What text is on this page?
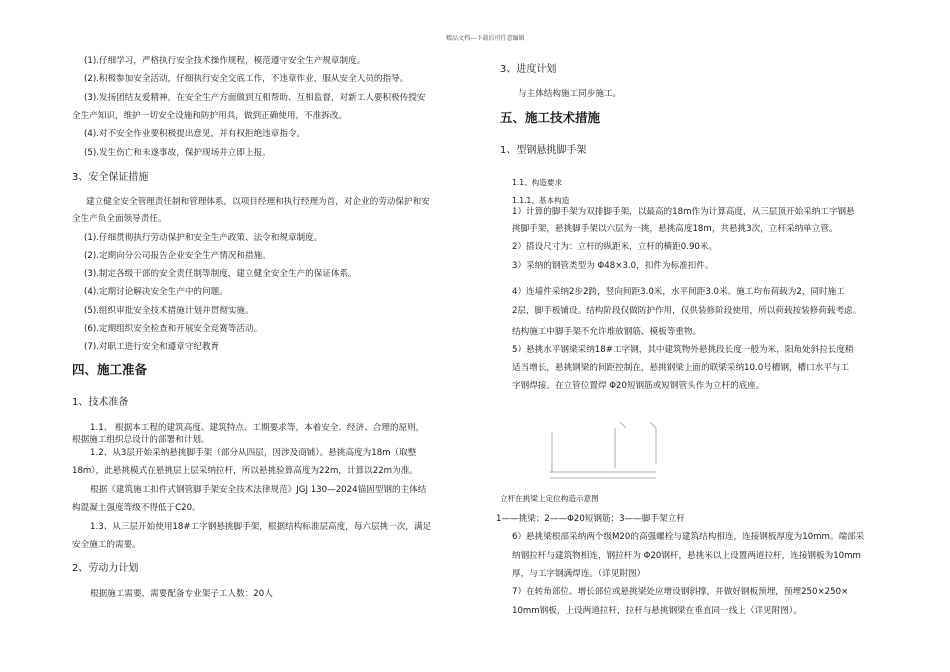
精品文档---下载后可任意编辑
(1).仔细学习，严格执行安全技术操作规程，模范遵守安全生产规章制度。
(2).积极参加安全活动，仔细执行安全交底工作，不违章作业，服从安全人员的指导。
(3).发扬团结友爱精神，在安全生产方面做到互相帮助、互相监督，对新工人要积极传授安
全生产知识，维护一切安全设施和防护用具，做到正确使用，不准拆改。
(4).对不安全作业要积极提出意见，并有权拒绝违章指令。
(5).发生伤亡和未遂事故，保护现场并立即上报。
3、安全保证措施
建立健全安全管理责任制和管理体系，以项目经理和执行经理为首，对企业的劳动保护和安
全生产负全面领导责任。
(1).仔细贯彻执行劳动保护和安全生产政策、法令和规章制度。
(2).定期向分公司报告企业安全生产情况和措施。
(3).制定各级干部的安全责任制等制度，建立健全安全生产的保证体系。
(4).定期讨论解决安全生产中的问题。
(5).组织审批安全技术措施计划并贯彻实施。
(6).定期组织安全检查和开展安全竞赛等活动。
(7).对职工进行安全和遵章守纪教育
四、施工准备
1、技术准备
1.1、 根据本工程的建筑高度、建筑特点、工期要求等，本着安全、经济、合理的原则，
根据施工组织总设计的部署和计划。
1.2、从3层开始采纳悬挑脚手架（部分从四层，因涉及商铺）。悬挑高度为18m（取整
18m），此悬挑模式在悬挑层上层采纳拉杆，所以悬挑验算高度为22m，计算以22m为准。
根据《建筑施工扣件式钢管脚手架安全技术法律规范》JGJ 130—2024锚固型钢的主体结
构混凝土强度等级不得低于C20。
1.3、从三层开始使用18#工字钢悬挑脚手架，根据结构标准层高度，每六层挑一次，满足
安全施工的需要。
2、劳动力计划
根据施工需要，需要配备专业架子工人数：20人
3、进度计划
与主体结构施工同步施工。
五、施工技术措施
1、型钢悬挑脚手架
1.1、构造要求
1.1.1、基本构造
1）计算的脚手架为双排脚手架，以最高的18m作为计算高度，从三层顶开始采纳工字钢悬
挑脚手架，悬挑脚手架以六层为一挑，悬挑高度18m，共悬挑3次，立杆采纳单立管。
2）搭设尺寸为：立杆的纵距米，立杆的横距0.90米。
3）采纳的钢管类型为 Φ48×3.0，扣件为标准扣件。
4）连墙件采纳2步2跨，竖向间距3.0米，水平间距3.0米。施工均布荷载为2，同时施工
2层，脚手板铺设。结构阶段仅做防护作用，仅供装修阶段使用，所以荷载按装修荷载考虑。
结构施工中脚手架不允许堆放钢筋、模板等重物。
5）悬挑水平钢梁采纳18#工字钢，其中建筑物外悬挑段长度一般为米，阳角处斜拉长度稍
适当增长，悬挑钢梁的间距控制在，悬挑钢梁上面的联梁采纳10.0号槽钢，槽口水平与工
字钢焊接。在立管位置焊 Φ20短钢筋或短钢管头作为立杆的底座。
立杆在挑梁上定位构造示意图
1——挑梁；2——Φ20短钢筋；3——脚手架立杆
6）悬挑梁根部采纳两个级M20的高强螺栓与建筑结构相连，连接钢板厚度为10mm。端部采
纳钢拉杆与建筑物相连，钢拉杆为 Φ20钢杆，悬挑米以上设置两道拉杆，连接钢板为10mm
厚，与工字钢满焊连。（详见附图）
7）在转角部位、增长部位或悬挑梁处应增设钢斜撑，并做好钢板预埋，预埋250×250×
10mm钢板，上设两道拉杆，拉杆与悬挑钢梁在垂直同一线上（详见附图）。
